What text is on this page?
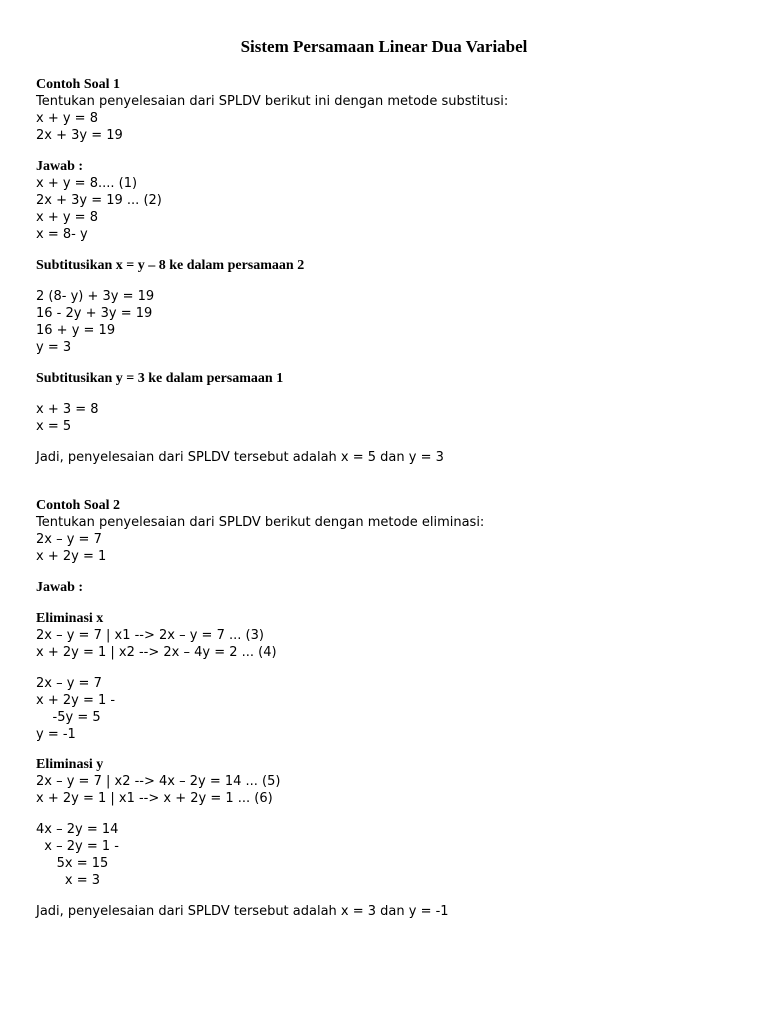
Sistem Persamaan Linear Dua Variabel

Contoh Soal 1

Tentukan penyelesaian dari SPLDV berikut ini dengan metode substitusi:

x + y = 8

2x + 3y = 19

Jawab :

x + y = 8.... (1)

2x + 3y = 19 ... (2)

x + y = 8

x = 8- y

Subtitusikan x = y – 8 ke dalam persamaan 2

2 (8- y) + 3y = 19

16 - 2y + 3y = 19

16 + y = 19

y = 3

Subtitusikan y = 3 ke dalam persamaan 1

x + 3 = 8

x = 5

Jadi, penyelesaian dari SPLDV tersebut adalah x = 5 dan y = 3

Contoh Soal 2

Tentukan penyelesaian dari SPLDV berikut dengan metode eliminasi:

2x – y = 7

x + 2y = 1

Jawab :

Eliminasi x

2x – y = 7 | x1 --> 2x – y = 7 ... (3)

x + 2y = 1 | x2 --> 2x – 4y = 2 ... (4)

2x – y = 7

x + 2y = 1 -

-5y = 5

y = -1

Eliminasi y

2x – y = 7 | x2 --> 4x – 2y = 14 ... (5)

x + 2y = 1 | x1 --> x + 2y = 1 ... (6)

4x – 2y = 14

x – 2y = 1 -

5x = 15

x = 3

Jadi, penyelesaian dari SPLDV tersebut adalah x = 3 dan y = -1
